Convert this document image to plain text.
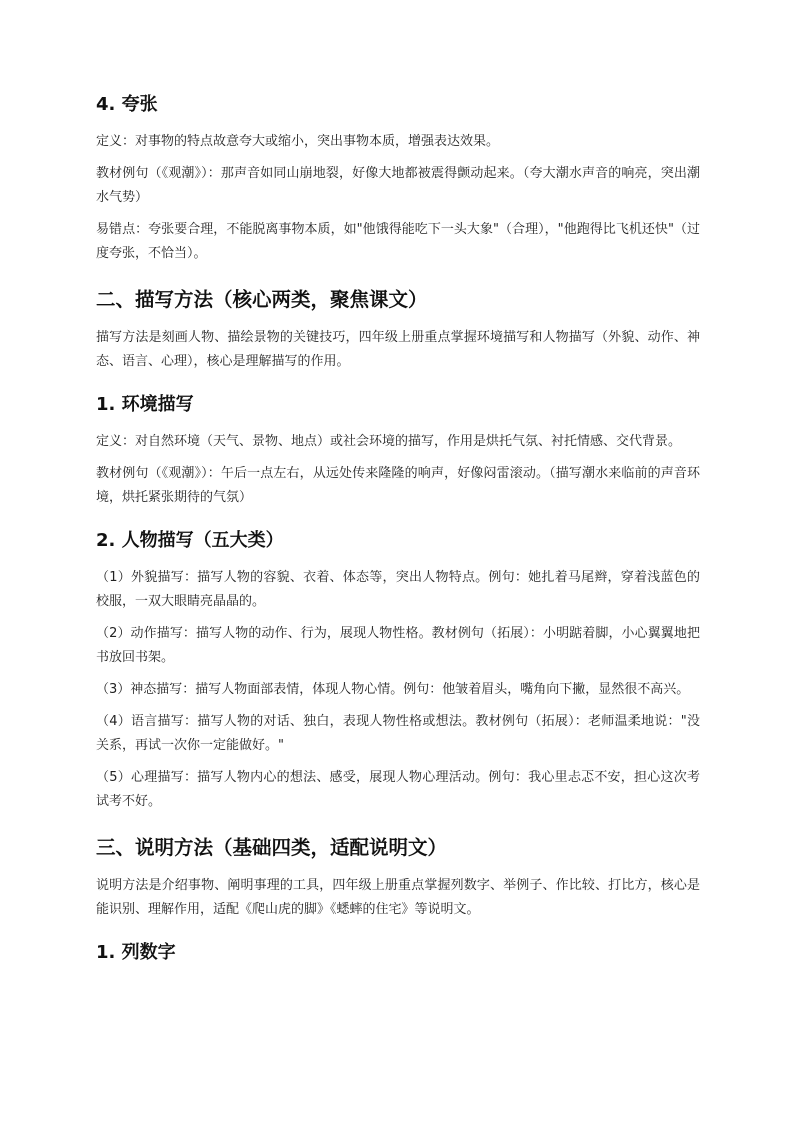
4. 夸张

定义：对事物的特点故意夸大或缩小，突出事物本质，增强表达效果。

教材例句（《观潮》）：那声音如同山崩地裂，好像大地都被震得颤动起来。（夸大潮水声音的响亮，突出潮水气势）

易错点：夸张要合理，不能脱离事物本质，如"他饿得能吃下一头大象"（合理），"他跑得比飞机还快"（过度夸张，不恰当）。

二、描写方法（核心两类，聚焦课文）

描写方法是刻画人物、描绘景物的关键技巧，四年级上册重点掌握环境描写和人物描写（外貌、动作、神态、语言、心理），核心是理解描写的作用。

1. 环境描写

定义：对自然环境（天气、景物、地点）或社会环境的描写，作用是烘托气氛、衬托情感、交代背景。

教材例句（《观潮》）：午后一点左右，从远处传来隆隆的响声，好像闷雷滚动。（描写潮水来临前的声音环境，烘托紧张期待的气氛）

2. 人物描写（五大类）

（1）外貌描写：描写人物的容貌、衣着、体态等，突出人物特点。例句：她扎着马尾辫，穿着浅蓝色的校服，一双大眼睛亮晶晶的。

（2）动作描写：描写人物的动作、行为，展现人物性格。教材例句（拓展）：小明踮着脚，小心翼翼地把书放回书架。

（3）神态描写：描写人物面部表情，体现人物心情。例句：他皱着眉头，嘴角向下撇，显然很不高兴。

（4）语言描写：描写人物的对话、独白，表现人物性格或想法。教材例句（拓展）：老师温柔地说："没关系，再试一次你一定能做好。"

（5）心理描写：描写人物内心的想法、感受，展现人物心理活动。例句：我心里忐忑不安，担心这次考试考不好。

三、说明方法（基础四类，适配说明文）

说明方法是介绍事物、阐明事理的工具，四年级上册重点掌握列数字、举例子、作比较、打比方，核心是能识别、理解作用，适配《爬山虎的脚》《蟋蟀的住宅》等说明文。

1. 列数字
